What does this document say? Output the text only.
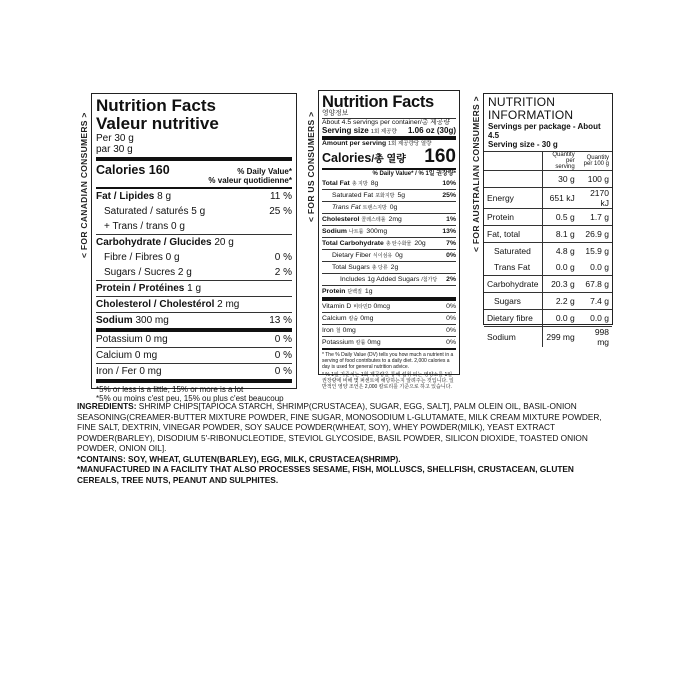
< FOR CANADIAN CONSUMERS >	< FOR US CONSUMERS >	< FOR AUSTRALIAN CONSUMERS >
Nutrition Facts
Valeur nutritive
Per 30 g
par 30 g
Calories 160	% Daily Value*
% valeur quotidienne*
Fat / Lipides 8 g	11 %
Saturated / saturés 5 g	25 %
+ Trans / trans 0 g
Carbohydrate / Glucides 20 g
Fibre / Fibres 0 g	0 %
Sugars / Sucres 2 g	2 %
Protein / Protéines 1 g
Cholesterol / Cholestérol 2 mg
Sodium 300 mg	13 %
Potassium 0 mg	0 %
Calcium 0 mg	0 %
Iron / Fer 0 mg	0 %
*5% or less is a little, 15% or more is a lot
*5% ou moins c'est peu, 15% ou plus c'est beaucoup
Nutrition Facts
영양정보
About 4.5 servings per container/총 제공량
Serving size 1회 제공량 1.06 oz (30g)
Amount per serving 1회 제공량당 열량
Calories/총 열량 160
% Daily Value* / % 1일 권장량*
Total Fat 총 지방 8g	10%
Saturated Fat 포화지방 5g	25%
Trans Fat 트랜스지방 0g
Cholesterol 콜레스테롤 2mg	1%
Sodium 나트륨 300mg	13%
Total Carbohydrate 총 탄수화물 20g	7%
Dietary Fiber 식이섬유 0g	0%
Total Sugars 총 당류 2g
Includes 1g Added Sugars /첨가당 2%
Protein 단백질 1g
Vitamin D 비타민D 0mcg	0%
Calcium 칼슘 0mg	0%
Iron 철 0mg	0%
Potassium 칼륨 0mg	0%
* The % Daily Value (DV) tells you how much a nutrient in a serving of food contributes to a daily diet. 2,000 calories a day is used for general nutrition advice.
* % 1일 기준치는 1회 제공량을 통해 섭취 되는 영양소를 1일 권장량에 비해 몇 퍼센트에 해당하는지 알려주는 것입니다. 일반적인 영양 조언은 2,000 칼로리를 기준으로 하고 있습니다.
NUTRITION INFORMATION
Servings per package - About 4.5
Serving size - 30 g
	Quantity per serving	Quantity per 100 g
	30 g	100 g
Energy	651 kJ	2170 kJ
Protein	0.5 g	1.7 g
Fat, total	8.1 g	26.9 g
Saturated	4.8 g	15.9 g
Trans Fat	0.0 g	0.0 g
Carbohydrate	20.3 g	67.8 g
Sugars	2.2 g	7.4 g
Dietary fibre	0.0 g	0.0 g
Sodium	299 mg	998 mg

INGREDIENTS: SHRIMP CHIPS[TAPIOCA STARCH, SHRIMP(CRUSTACEA), SUGAR, EGG, SALT], PALM OLEIN OIL, BASIL-ONION SEASONING(CREAMER-BUTTER MIXTURE POWDER, FINE SUGAR, MONOSODIUM L-GLUTAMATE, MILK CREAM MIXTURE POWDER, FINE SALT, DEXTRIN, VINEGAR POWDER, SOY SAUCE POWDER(WHEAT, SOY), WHEY POWDER(MILK), YEAST EXTRACT POWDER(BARLEY), DISODIUM 5'-RIBONUCLEOTIDE, STEVIOL GLYCOSIDE, BASIL POWDER, SILICON DIOXIDE, TOASTED ONION POWDER, ONION OIL].

*CONTAINS: SOY, WHEAT, GLUTEN(BARLEY), EGG, MILK, CRUSTACEA(SHRIMP).

*MANUFACTURED IN A FACILITY THAT ALSO PROCESSES SESAME, FISH, MOLLUSCS, SHELLFISH, CRUSTACEAN, GLUTEN CEREALS, TREE NUTS, PEANUT AND SULPHITES.
